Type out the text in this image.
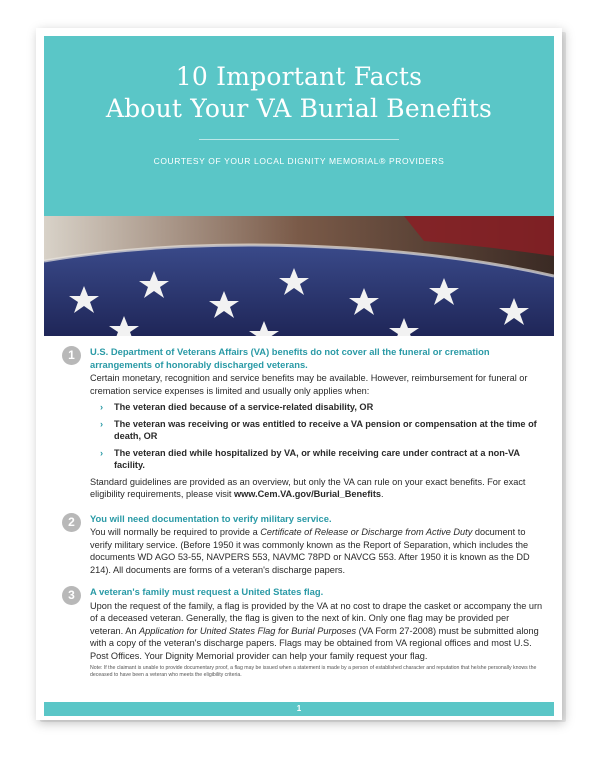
10 Important Facts
About Your VA Burial Benefits
COURTESY OF YOUR LOCAL DIGNITY MEMORIAL® PROVIDERS
1	U.S. Department of Veterans Affairs (VA) benefits do not cover all the funeral or cremation arrangements of honorably discharged veterans.

Certain monetary, recognition and service benefits may be available. However, reimbursement for funeral or cremation service expenses is limited and usually only applies when:

› The veteran died because of a service-related disability, OR
› The veteran was receiving or was entitled to receive a VA pension or compensation at the time of death, OR
› The veteran died while hospitalized by VA, or while receiving care under contract at a non-VA facility.

Standard guidelines are provided as an overview, but only the VA can rule on your exact benefits. For exact eligibility requirements, please visit www.Cem.VA.gov/Burial_Benefits.

2	You will need documentation to verify military service.

You will normally be required to provide a Certificate of Release or Discharge from Active Duty document to verify military service. (Before 1950 it was commonly known as the Report of Separation, which includes the documents WD AGO 53-55, NAVPERS 553, NAVMC 78PD or NAVCG 553. After 1950 it is known as the DD 214). All documents are forms of a veteran's discharge papers.

3	A veteran's family must request a United States flag.

Upon the request of the family, a flag is provided by the VA at no cost to drape the casket or accompany the urn of a deceased veteran. Generally, the flag is given to the next of kin. Only one flag may be provided per veteran. An Application for United States Flag for Burial Purposes (VA Form 27-2008) must be submitted along with a copy of the veteran's discharge papers. Flags may be obtained from VA regional offices and most U.S. Post Offices. Your Dignity Memorial provider can help your family request your flag.

Note: If the claimant is unable to provide documentary proof, a flag may be issued when a statement is made by a person of established character and reputation that he/she personally knows the deceased to have been a veteran who meets the eligibility criteria.
1
